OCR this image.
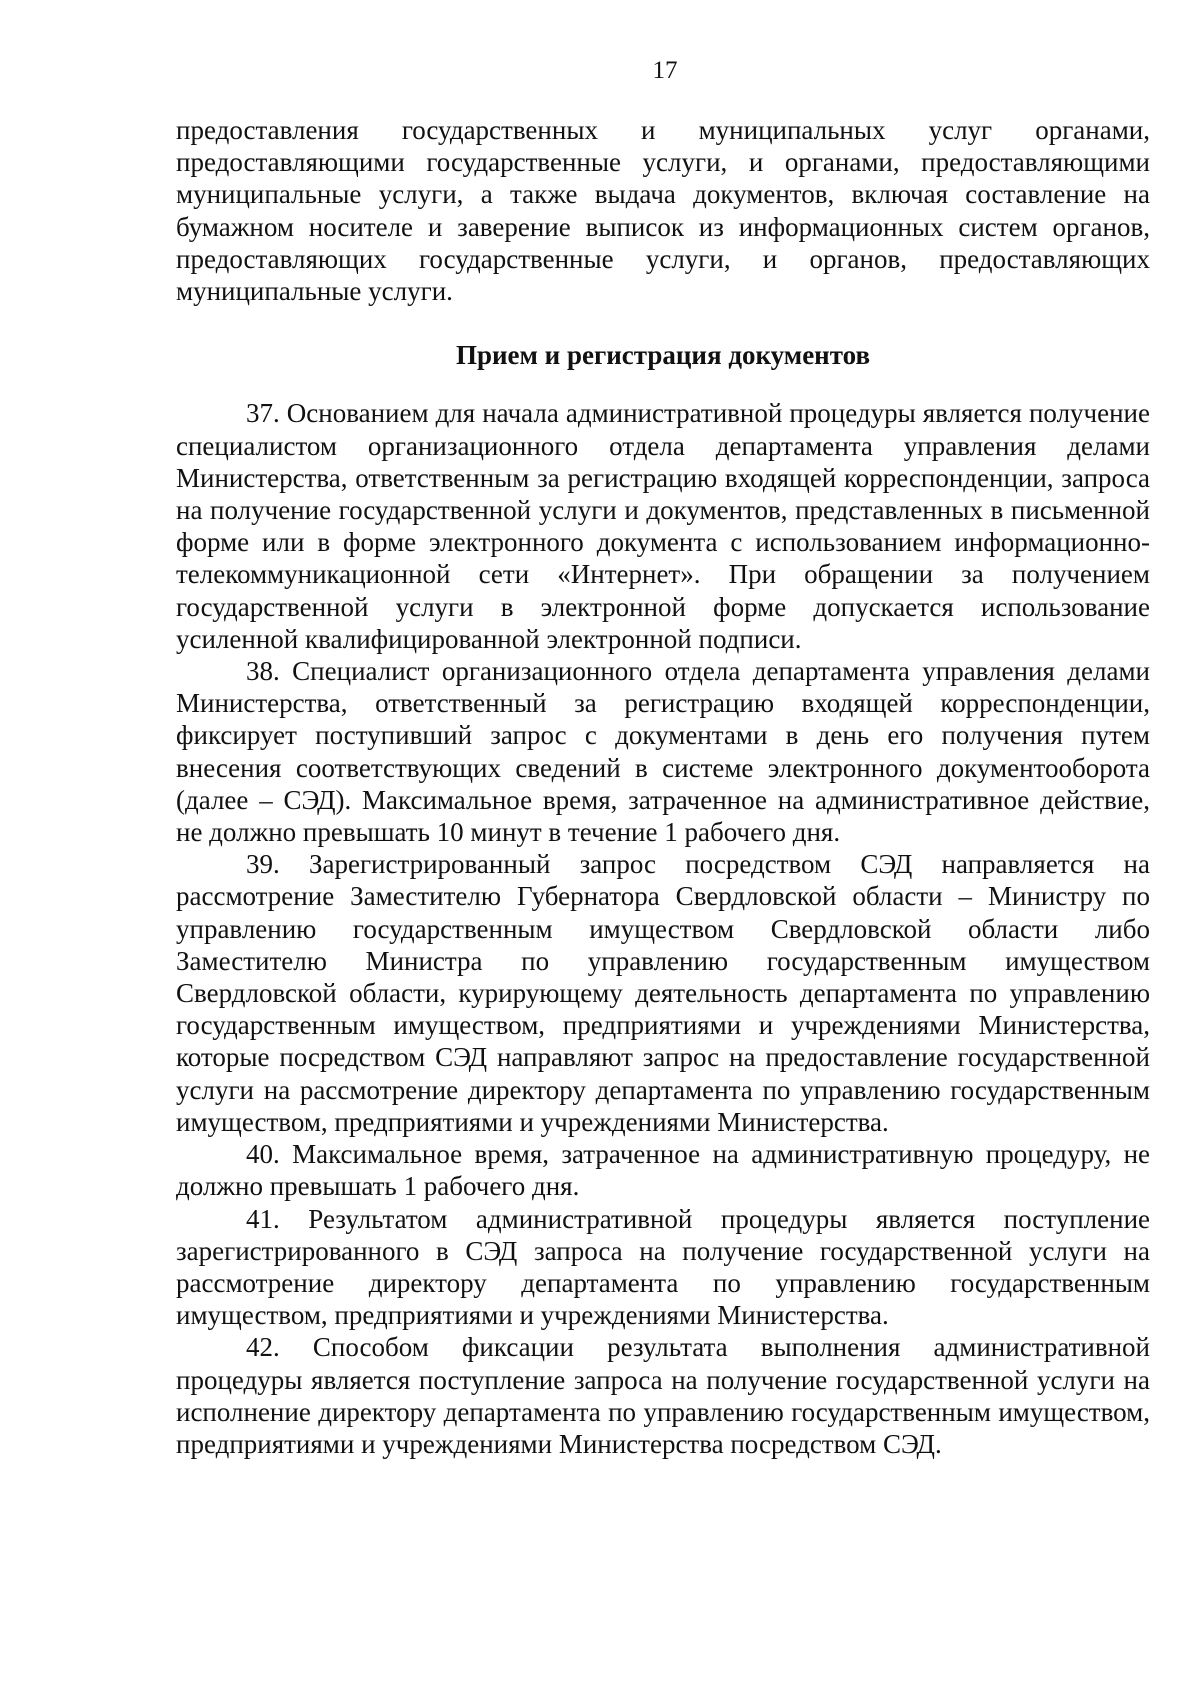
17

предоставления государственных и муниципальных услуг органами, предоставляющими государственные услуги, и органами, предоставляющими муниципальные услуги, а также выдача документов, включая составление на бумажном носителе и заверение выписок из информационных систем органов, предоставляющих государственные услуги, и органов, предоставляющих муниципальные услуги.

Прием и регистрация документов

37. Основанием для начала административной процедуры является получение специалистом организационного отдела департамента управления делами Министерства, ответственным за регистрацию входящей корреспонденции, запроса на получение государственной услуги и документов, представленных в письменной форме или в форме электронного документа с использованием информационно-телекоммуникационной сети «Интернет». При обращении за получением государственной услуги в электронной форме допускается использование усиленной квалифицированной электронной подписи.

38. Специалист организационного отдела департамента управления делами Министерства, ответственный за регистрацию входящей корреспонденции, фиксирует поступивший запрос с документами в день его получения путем внесения соответствующих сведений в системе электронного документооборота (далее – СЭД). Максимальное время, затраченное на административное действие, не должно превышать 10 минут в течение 1 рабочего дня.

39. Зарегистрированный запрос посредством СЭД направляется на рассмотрение Заместителю Губернатора Свердловской области – Министру по управлению государственным имуществом Свердловской области либо Заместителю Министра по управлению государственным имуществом Свердловской области, курирующему деятельность департамента по управлению государственным имуществом, предприятиями и учреждениями Министерства, которые посредством СЭД направляют запрос на предоставление государственной услуги на рассмотрение директору департамента по управлению государственным имуществом, предприятиями и учреждениями Министерства.

40. Максимальное время, затраченное на административную процедуру, не должно превышать 1 рабочего дня.

41. Результатом административной процедуры является поступление зарегистрированного в СЭД запроса на получение государственной услуги на рассмотрение директору департамента по управлению государственным имуществом, предприятиями и учреждениями Министерства.

42. Способом фиксации результата выполнения административной процедуры является поступление запроса на получение государственной услуги на исполнение директору департамента по управлению государственным имуществом, предприятиями и учреждениями Министерства посредством СЭД.
